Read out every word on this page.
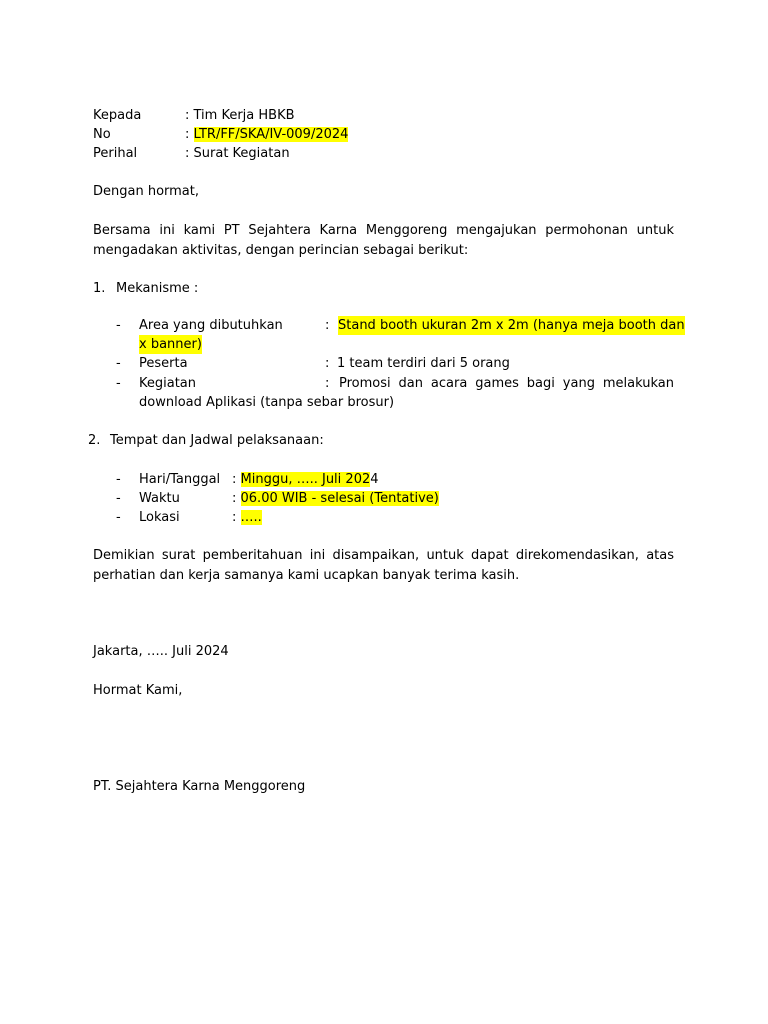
Kepada	: Tim Kerja HBKB
No	: LTR/FF/SKA/IV-009/2024
Perihal	: Surat Kegiatan
Dengan hormat,
Bersama ini kami PT Sejahtera Karna Menggoreng mengajukan permohonan untuk mengadakan aktivitas, dengan perincian sebagai berikut:
1. Mekanisme :
- Area yang dibutuhkan	: Stand booth ukuran 2m x 2m (hanya meja booth dan
x banner)
- Peserta	: 1 team terdiri dari 5 orang
- Kegiatan	: Promosi dan acara games bagi yang melakukan
download Aplikasi (tanpa sebar brosur)
2. Tempat dan Jadwal pelaksanaan:
- Hari/Tanggal : Minggu, ….. Juli 2024
- Waktu	: 06.00 WIB - selesai (Tentative)
- Lokasi	: …..
Demikian surat pemberitahuan ini disampaikan, untuk dapat direkomendasikan, atas perhatian dan kerja samanya kami ucapkan banyak terima kasih.
Jakarta, ….. Juli 2024
Hormat Kami,
PT. Sejahtera Karna Menggoreng
